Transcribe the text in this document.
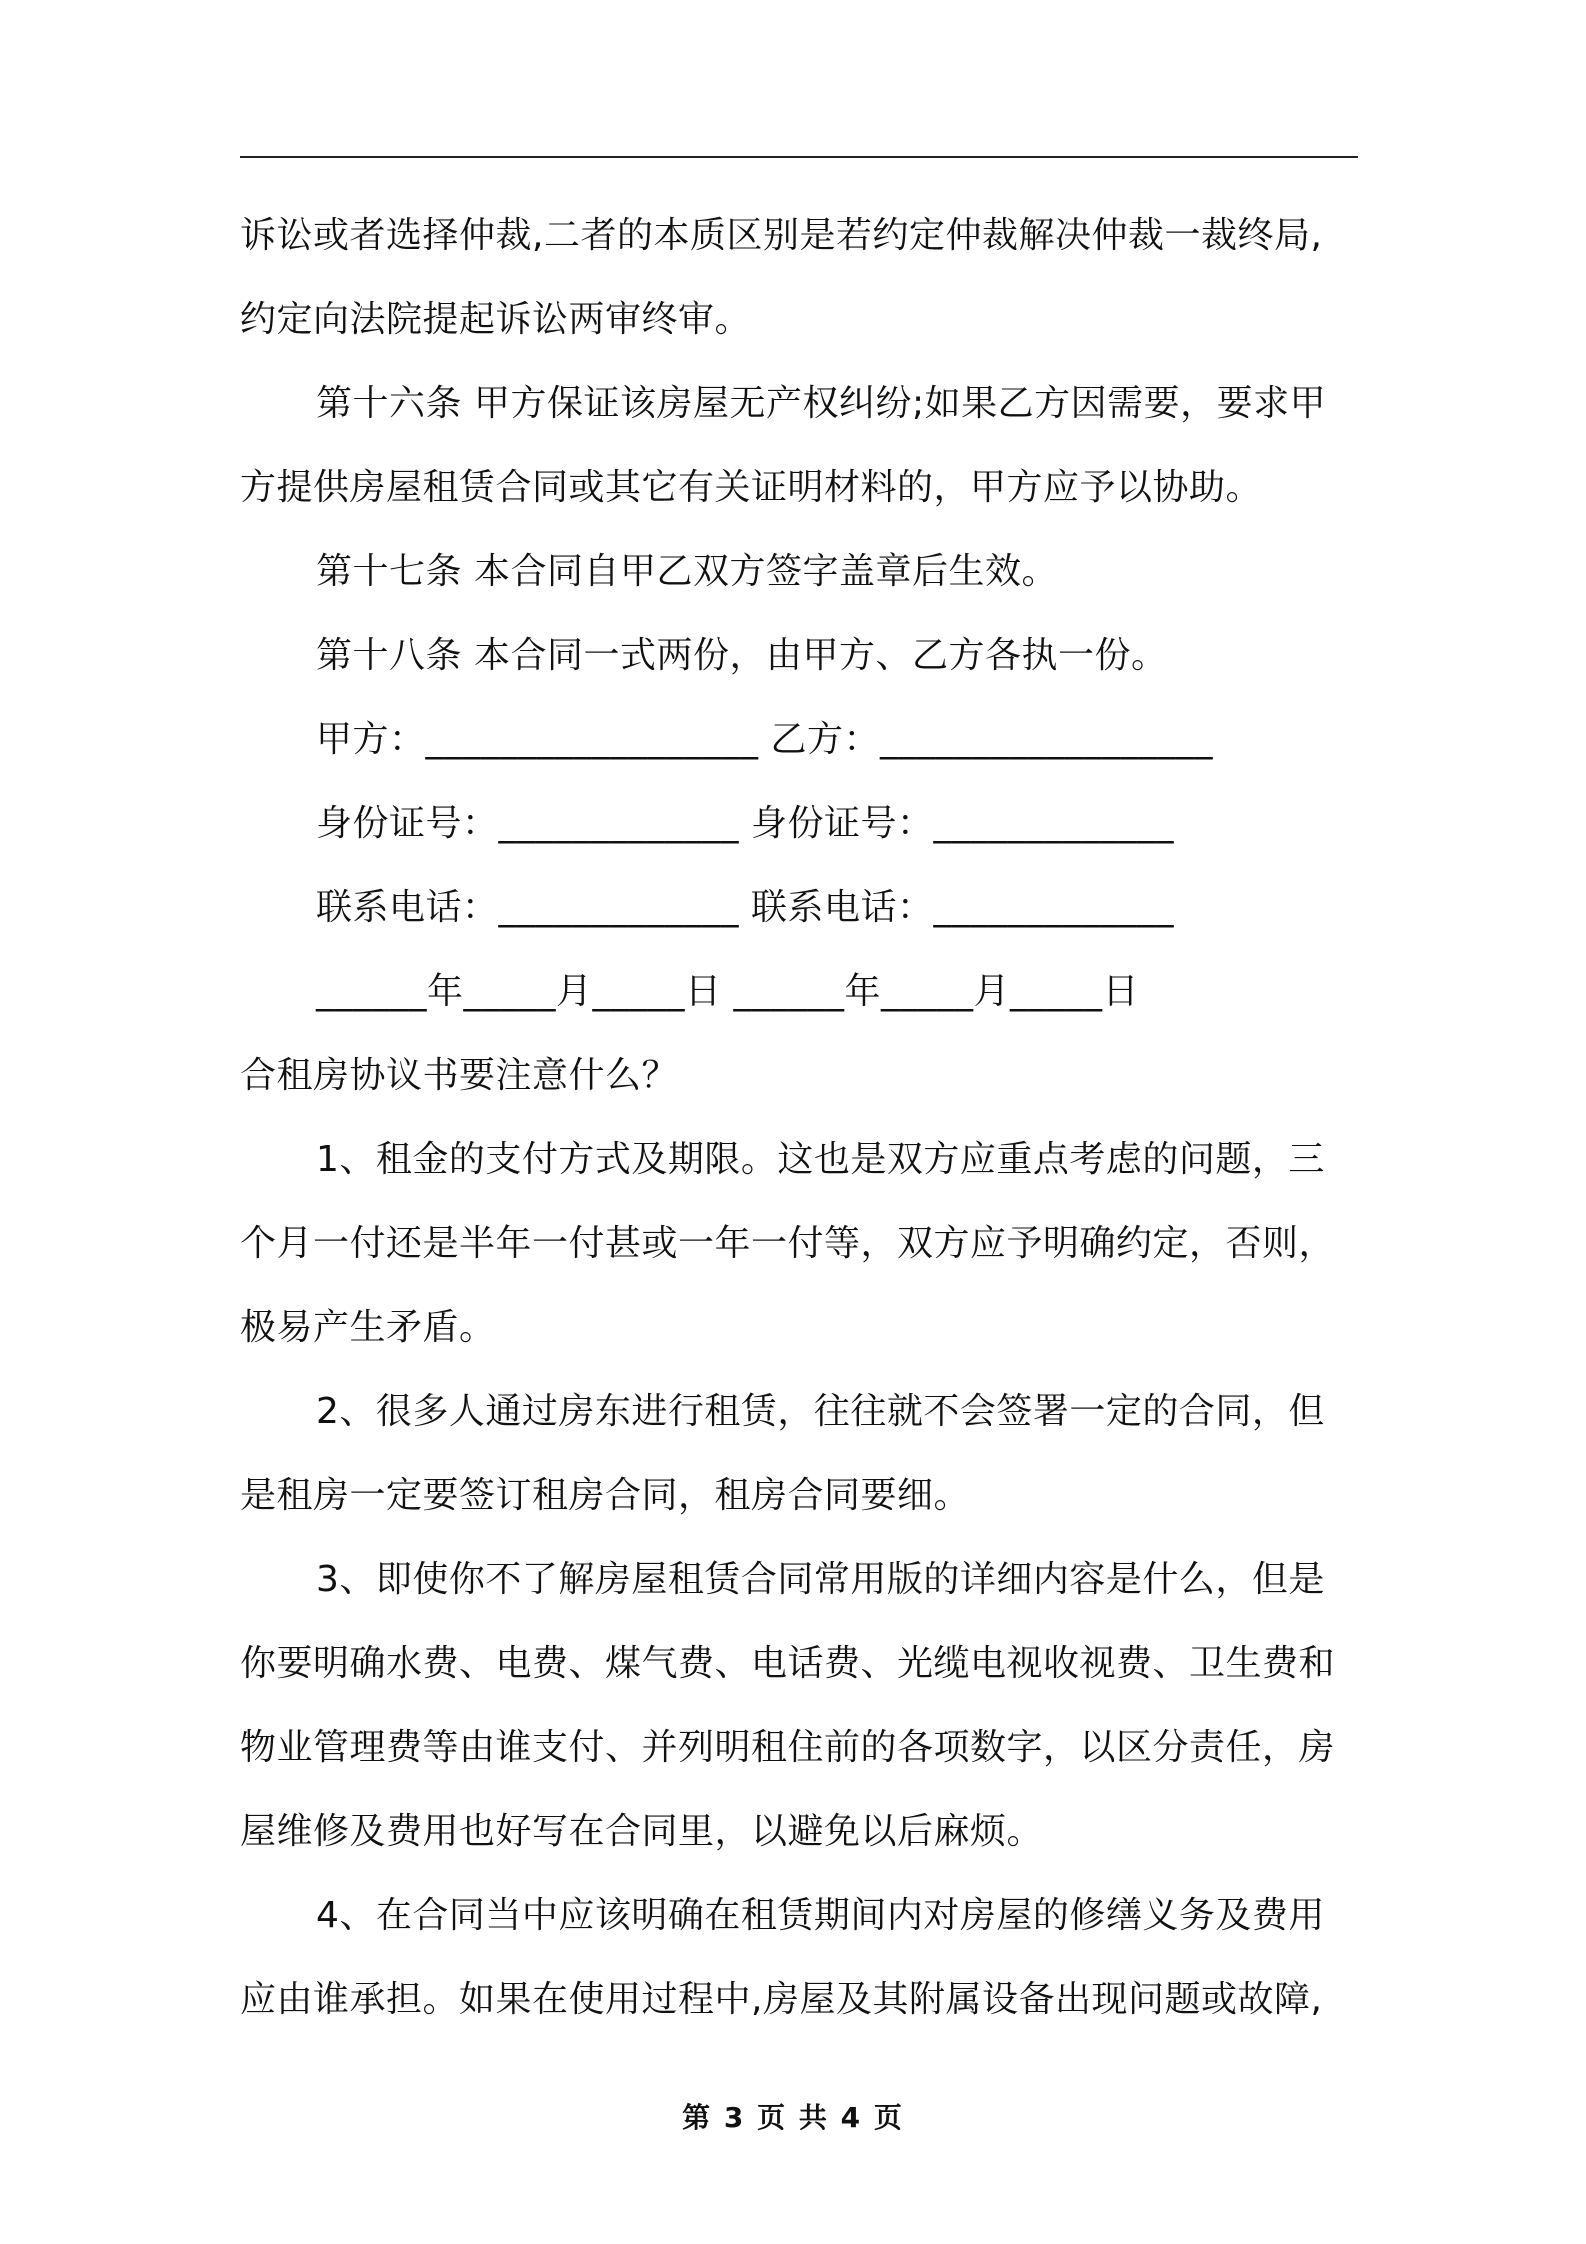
诉讼或者选择仲裁,二者的本质区别是若约定仲裁解决仲裁一裁终局,
约定向法院提起诉讼两审终审。
第十六条 甲方保证该房屋无产权纠纷;如果乙方因需要，要求甲
方提供房屋租赁合同或其它有关证明材料的，甲方应予以协助。
第十七条 本合同自甲乙双方签字盖章后生效。
第十八条 本合同一式两份，由甲方、乙方各执一份。
甲方：__________________ 乙方：__________________
身份证号：_____________ 身份证号：_____________
联系电话：_____________ 联系电话：_____________
______年_____月_____日 ______年_____月_____日
合租房协议书要注意什么？
1、租金的支付方式及期限。这也是双方应重点考虑的问题，三
个月一付还是半年一付甚或一年一付等，双方应予明确约定，否则，
极易产生矛盾。
2、很多人通过房东进行租赁，往往就不会签署一定的合同，但
是租房一定要签订租房合同，租房合同要细。
3、即使你不了解房屋租赁合同常用版的详细内容是什么，但是
你要明确水费、电费、煤气费、电话费、光缆电视收视费、卫生费和
物业管理费等由谁支付、并列明租住前的各项数字，以区分责任，房
屋维修及费用也好写在合同里，以避免以后麻烦。
4、在合同当中应该明确在租赁期间内对房屋的修缮义务及费用
应由谁承担。如果在使用过程中,房屋及其附属设备出现问题或故障,
第 3 页 共 4 页
